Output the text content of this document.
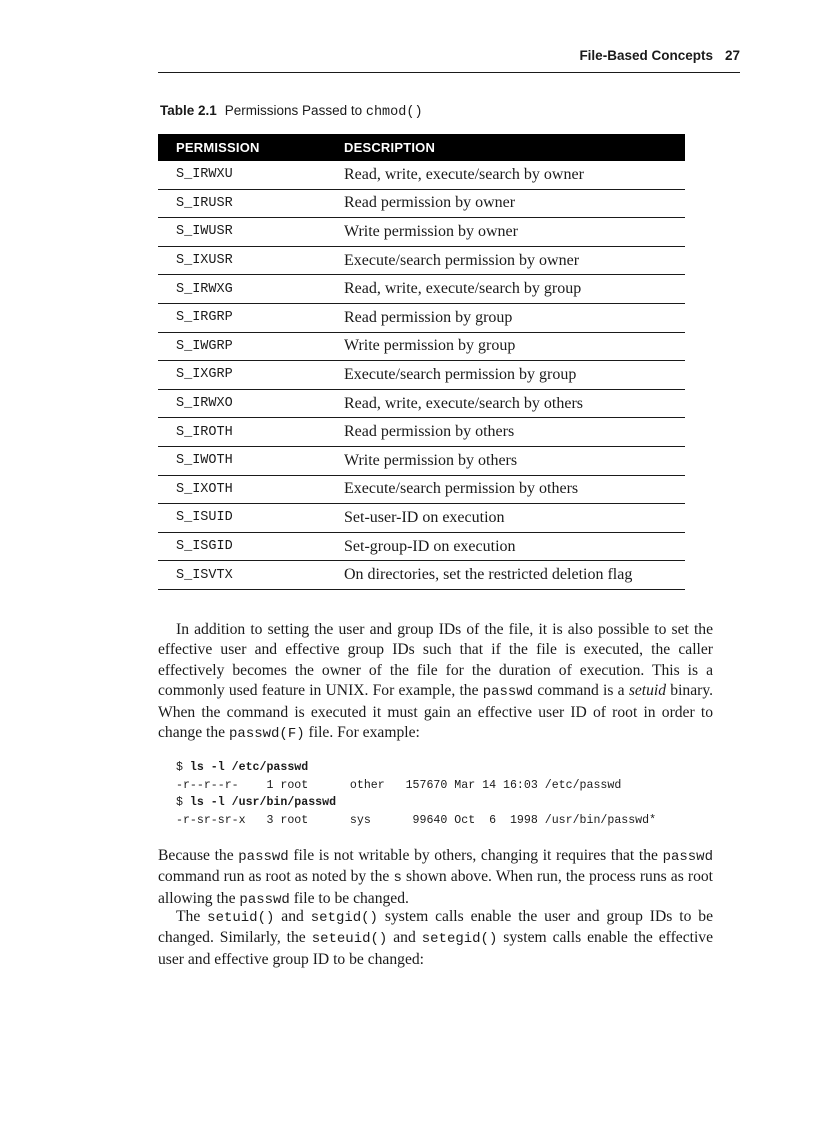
File-Based Concepts 27
Table 2.1 Permissions Passed to chmod()
PERMISSION	DESCRIPTION
S_IRWXU	Read, write, execute/search by owner
S_IRUSR	Read permission by owner
S_IWUSR	Write permission by owner
S_IXUSR	Execute/search permission by owner
S_IRWXG	Read, write, execute/search by group
S_IRGRP	Read permission by group
S_IWGRP	Write permission by group
S_IXGRP	Execute/search permission by group
S_IRWXO	Read, write, execute/search by others
S_IROTH	Read permission by others
S_IWOTH	Write permission by others
S_IXOTH	Execute/search permission by others
S_ISUID	Set-user-ID on execution
S_ISGID	Set-group-ID on execution
S_ISVTX	On directories, set the restricted deletion flag

In addition to setting the user and group IDs of the file, it is also possible to set the effective user and effective group IDs such that if the file is executed, the caller effectively becomes the owner of the file for the duration of execution. This is a commonly used feature in UNIX. For example, the passwd command is a setuid binary. When the command is executed it must gain an effective user ID of root in order to change the passwd(F) file. For example:

$ ls -l /etc/passwd
-r--r--r-    1 root      other   157670 Mar 14 16:03 /etc/passwd
$ ls -l /usr/bin/passwd
-r-sr-sr-x   3 root      sys      99640 Oct  6  1998 /usr/bin/passwd*

Because the passwd file is not writable by others, changing it requires that the passwd command run as root as noted by the s shown above. When run, the process runs as root allowing the passwd file to be changed.

The setuid() and setgid() system calls enable the user and group IDs to be changed. Similarly, the seteuid() and setegid() system calls enable the effective user and effective group ID to be changed:
